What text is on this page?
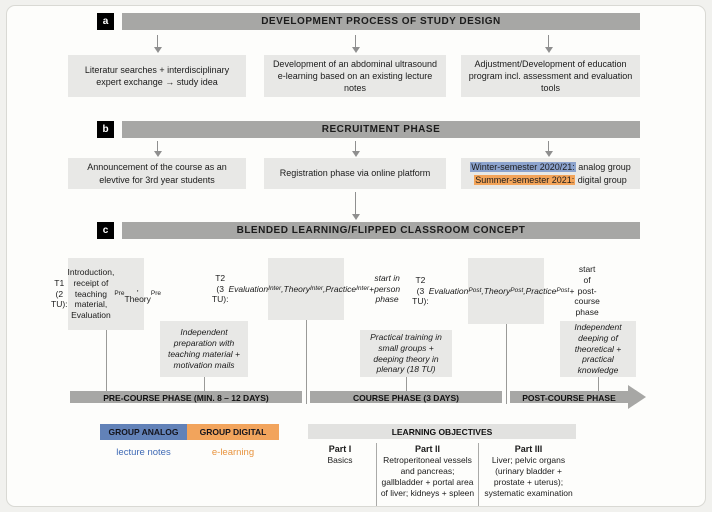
a	DEVELOPMENT PROCESS OF STUDY DESIGN
Literatur searches + interdisciplinary expert exchange → study idea
Development of an abdominal ultrasound e-learning based on an existing lecture notes
Adjustment/Development of education program incl. assessment and evaluation tools
b	RECRUITMENT PHASE
Announcement of the course as an elevtive for 3rd year students
Registration phase via online platform
Winter-semester 2020/21: analog group
Summer-semester 2021: digital group
c	BLENDED LEARNING/FLIPPED CLASSROOM CONCEPT
T1 (2 TU):

Introduction, receipt of teaching material, Evaluation
Pre
, Theory
Independent preparation with teaching material + motivation mails
T2 (3 TU):

Evaluation Inter , Theory Inter , Practice +

start in person phase
Practical training in small groups + deeping theory in plenary (18 TU)
T2 (3 TU):

Evaluation Post , Theory Post , Practice +

start of post-course phase
Independent deeping of theoretical + practical knowledge
PRE-COURSE PHASE (MIN. 8 – 12 DAYS)	COURSE PHASE (3 DAYS)	POST-COURSE PHASE
GROUP ANALOG	GROUP DIGITAL
lecture notes	e-learning
LEARNING OBJECTIVES
Part I
Basics
Part II
Retroperitoneal vessels and pancreas; gallbladder + portal area of liver; kidneys + spleen
Part III
Liver; pelvic organs (urinary bladder + prostate + uterus); systematic examination
